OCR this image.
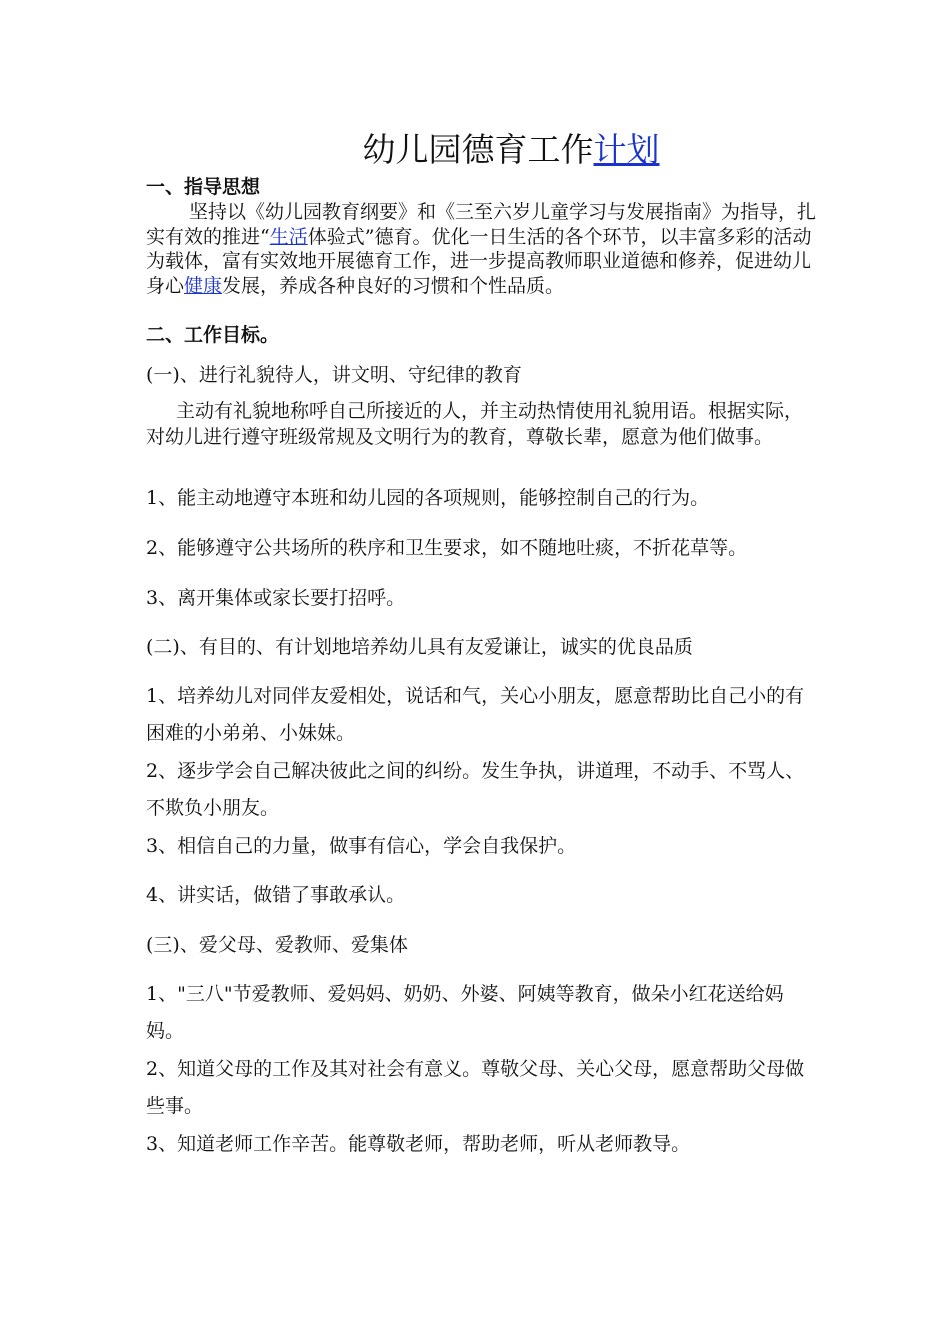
幼儿园德育工作计划
一、指导思想
坚持以《幼儿园教育纲要》和《三至六岁儿童学习与发展指南》为指导，扎实有效的推进“生活体验式”德育。优化一日生活的各个环节，以丰富多彩的活动为载体，富有实效地开展德育工作，进一步提高教师职业道德和修养，促进幼儿身心健康发展，养成各种良好的习惯和个性品质。
二、工作目标。
(一)、进行礼貌待人，讲文明、守纪律的教育
主动有礼貌地称呼自己所接近的人，并主动热情使用礼貌用语。根据实际，对幼儿进行遵守班级常规及文明行为的教育，尊敬长辈，愿意为他们做事。
1、能主动地遵守本班和幼儿园的各项规则，能够控制自己的行为。
2、能够遵守公共场所的秩序和卫生要求，如不随地吐痰，不折花草等。
3、离开集体或家长要打招呼。
(二)、有目的、有计划地培养幼儿具有友爱谦让，诚实的优良品质
1、培养幼儿对同伴友爱相处，说话和气，关心小朋友，愿意帮助比自己小的有困难的小弟弟、小妹妹。
2、逐步学会自己解决彼此之间的纠纷。发生争执，讲道理，不动手、不骂人、不欺负小朋友。
3、相信自己的力量，做事有信心，学会自我保护。
4、讲实话，做错了事敢承认。
(三)、爱父母、爱教师、爱集体
1、"三八"节爱教师、爱妈妈、奶奶、外婆、阿姨等教育，做朵小红花送给妈妈。
2、知道父母的工作及其对社会有意义。尊敬父母、关心父母，愿意帮助父母做些事。
3、知道老师工作辛苦。能尊敬老师，帮助老师，听从老师教导。
